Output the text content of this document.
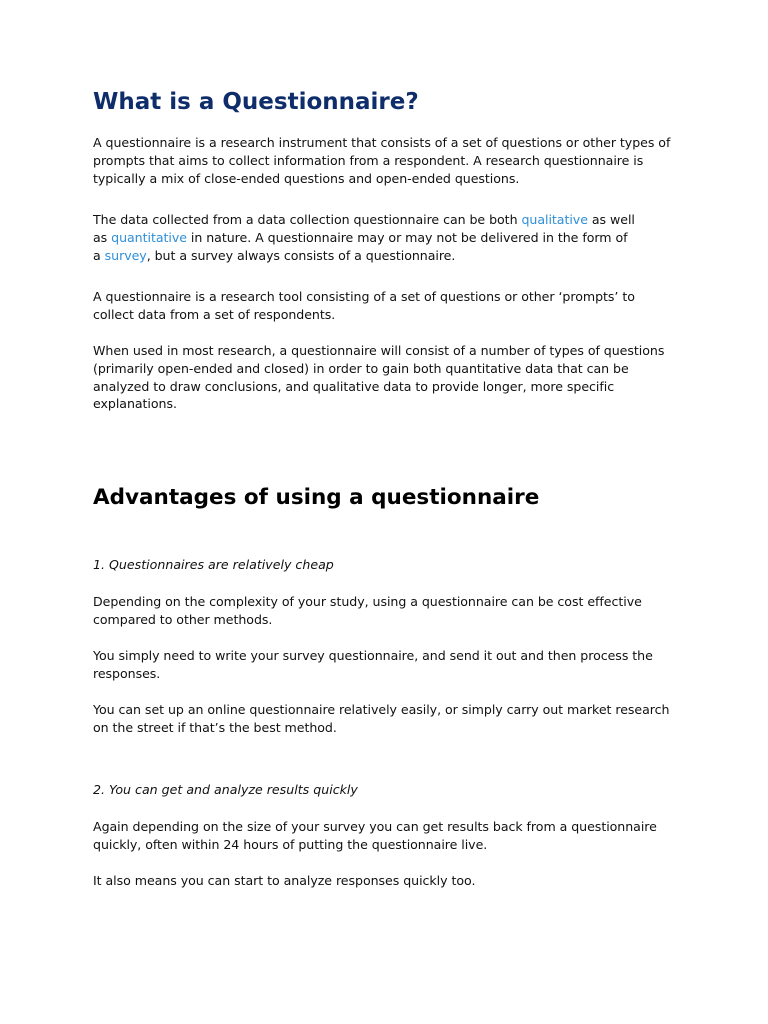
What is a Questionnaire?

A questionnaire is a research instrument that consists of a set of questions or other types of
prompts that aims to collect information from a respondent. A research questionnaire is
typically a mix of close-ended questions and open-ended questions.

The data collected from a data collection questionnaire can be both qualitative as well
as quantitative in nature. A questionnaire may or may not be delivered in the form of
a survey, but a survey always consists of a questionnaire.

A questionnaire is a research tool consisting of a set of questions or other ‘prompts’ to
collect data from a set of respondents.

When used in most research, a questionnaire will consist of a number of types of questions
(primarily open-ended and closed) in order to gain both quantitative data that can be
analyzed to draw conclusions, and qualitative data to provide longer, more specific
explanations.

Advantages of using a questionnaire

1. Questionnaires are relatively cheap

Depending on the complexity of your study, using a questionnaire can be cost effective
compared to other methods.

You simply need to write your survey questionnaire, and send it out and then process the
responses.

You can set up an online questionnaire relatively easily, or simply carry out market research
on the street if that’s the best method.

2. You can get and analyze results quickly

Again depending on the size of your survey you can get results back from a questionnaire
quickly, often within 24 hours of putting the questionnaire live.

It also means you can start to analyze responses quickly too.
